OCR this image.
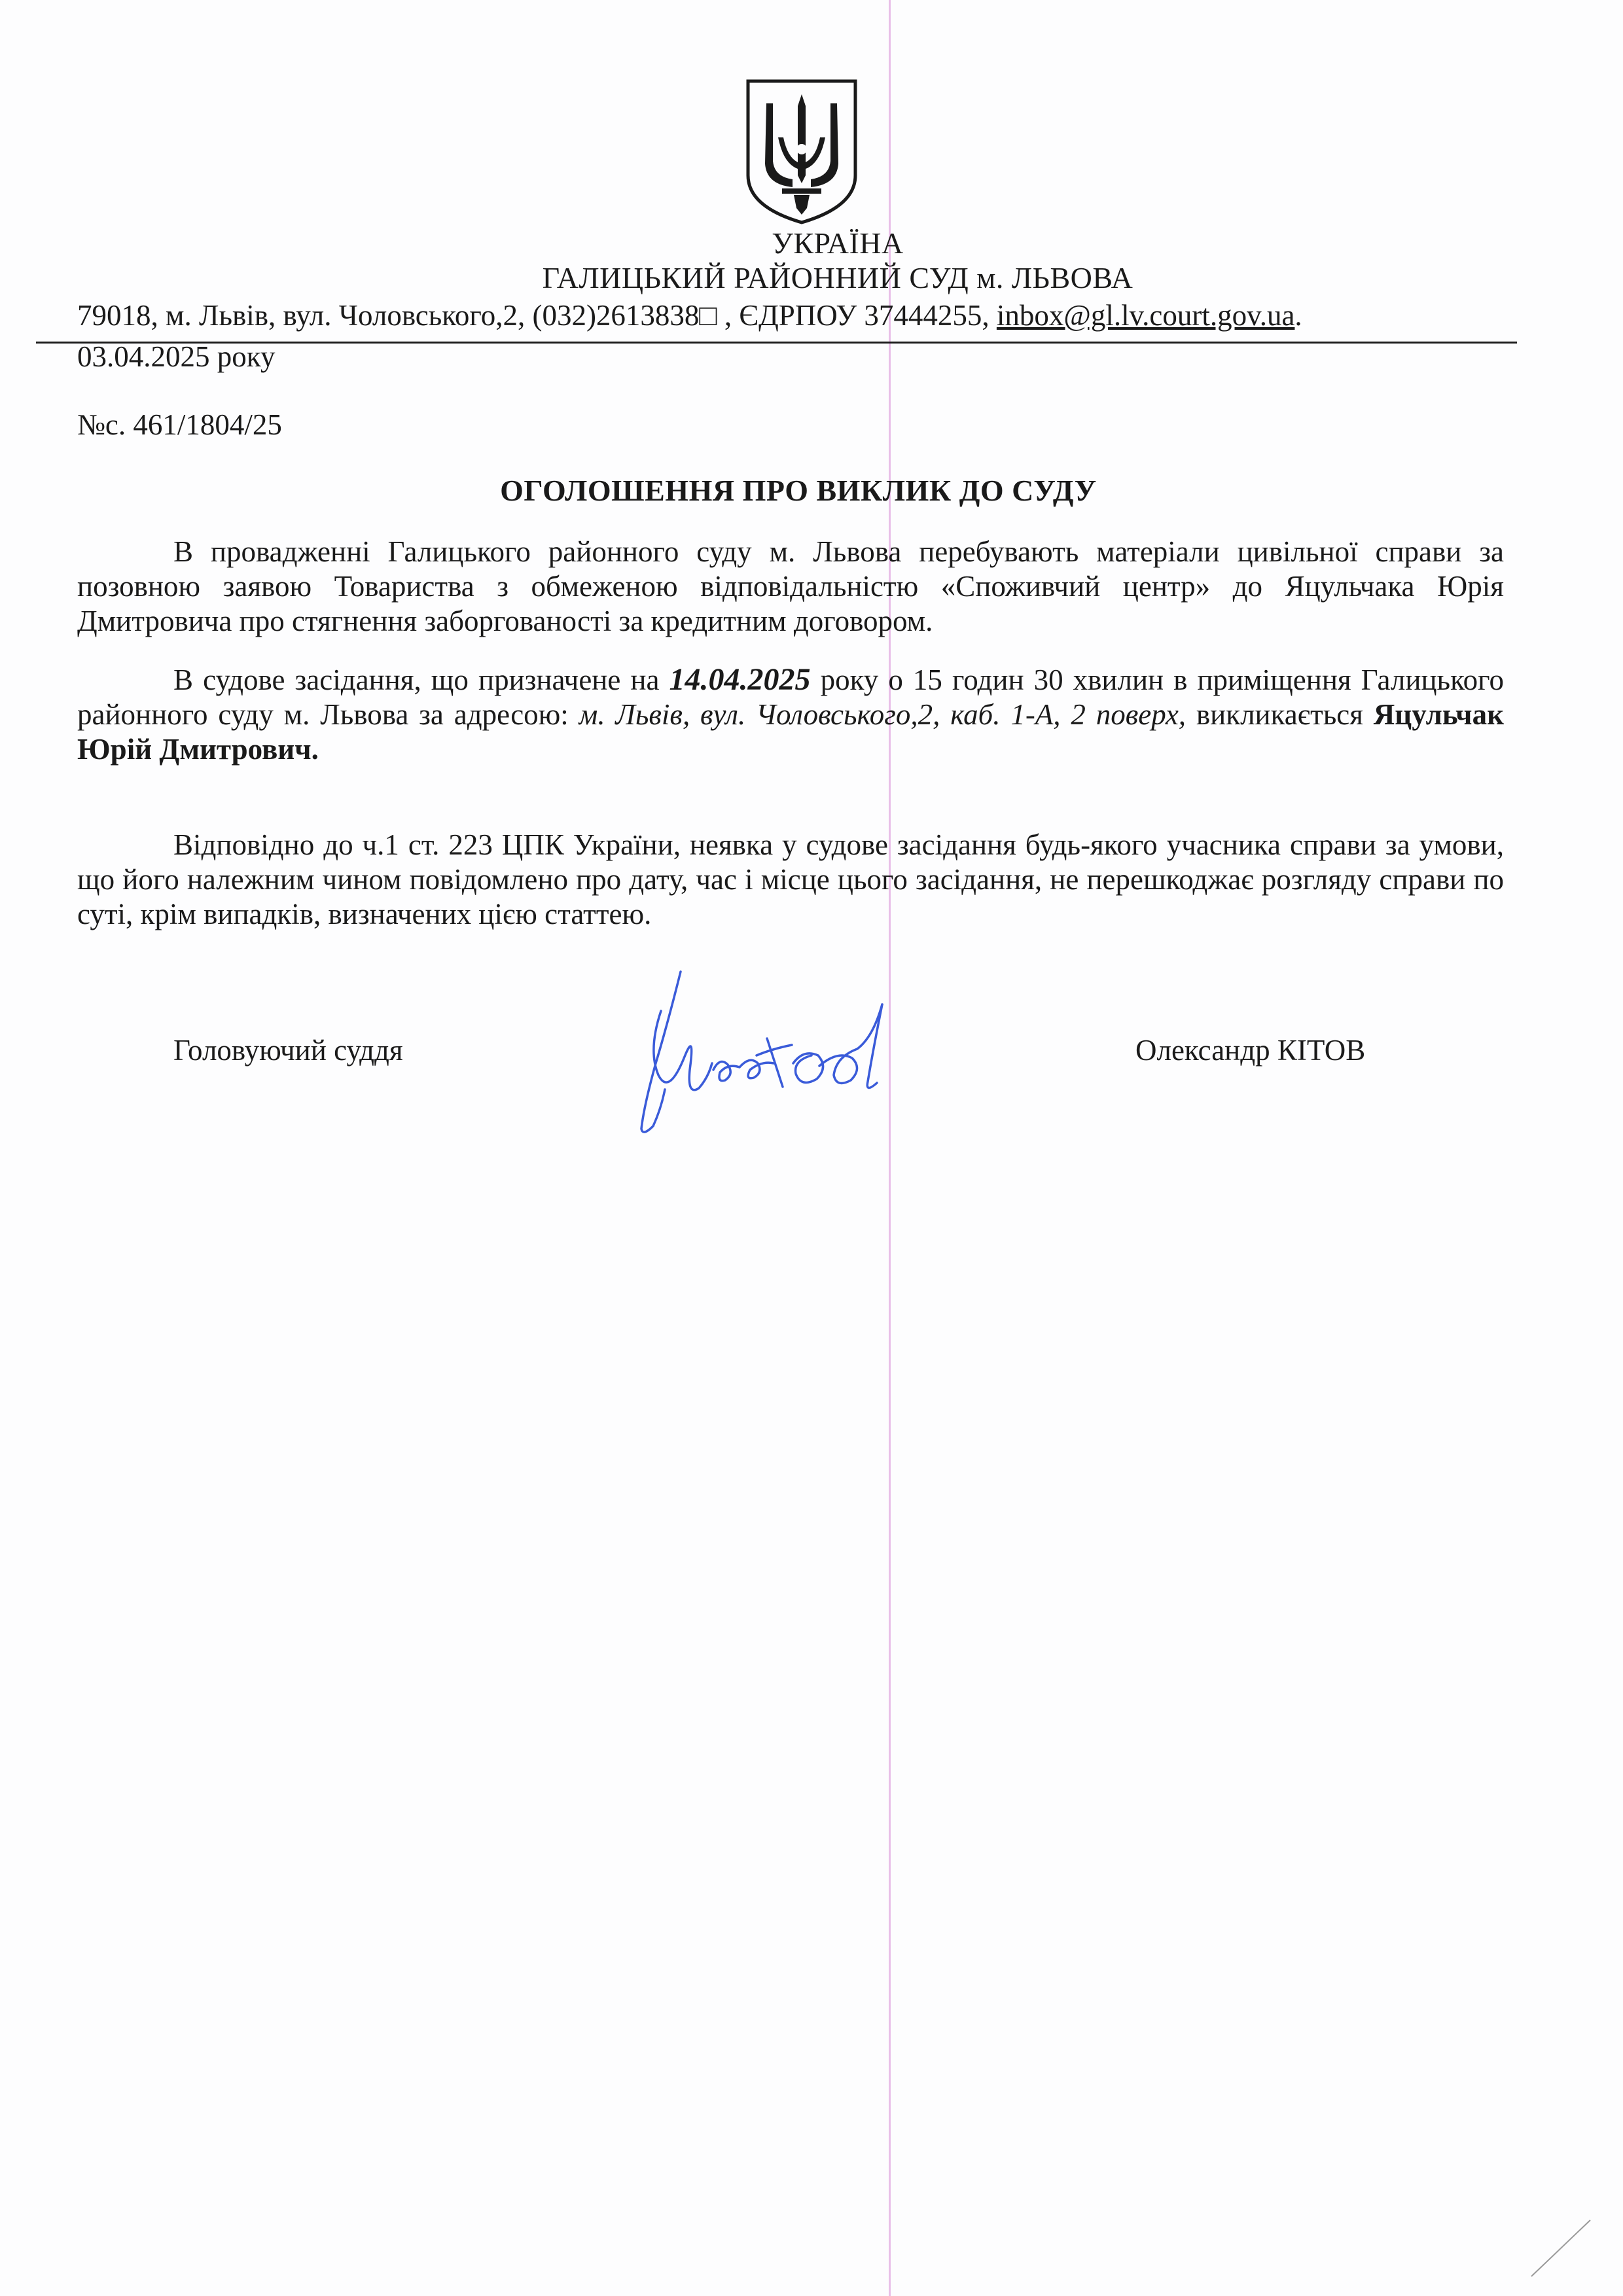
УКРАЇНА
ГАЛИЦЬКИЙ РАЙОННИЙ СУД м. ЛЬВОВА
79018, м. Львів, вул. Чоловського,2, (032)2613838□ , ЄДРПОУ 37444255, inbox@gl.lv.court.gov.ua.
03.04.2025 року
№с. 461/1804/25
ОГОЛОШЕННЯ ПРО ВИКЛИК ДО СУДУ
В провадженні Галицького районного суду м. Львова перебувають матеріали цивільної справи за позовною заявою Товариства з обмеженою відповідальністю «Споживчий центр» до Яцульчака Юрія Дмитровича про стягнення заборгованості за кредитним договором.
В судове засідання, що призначене на 14.04.2025 року о 15 годин 30 хвилин в приміщення Галицького районного суду м. Львова за адресою: м. Львів, вул. Чоловського,2, каб. 1-А, 2 поверх, викликається Яцульчак Юрій Дмитрович.
Відповідно до ч.1 ст. 223 ЦПК України, неявка у судове засідання будь-якого учасника справи за умови, що його належним чином повідомлено про дату, час і місце цього засідання, не перешкоджає розгляду справи по суті, крім випадків, визначених цією статтею.
Головуючий суддя	Олександр КІТОВ
